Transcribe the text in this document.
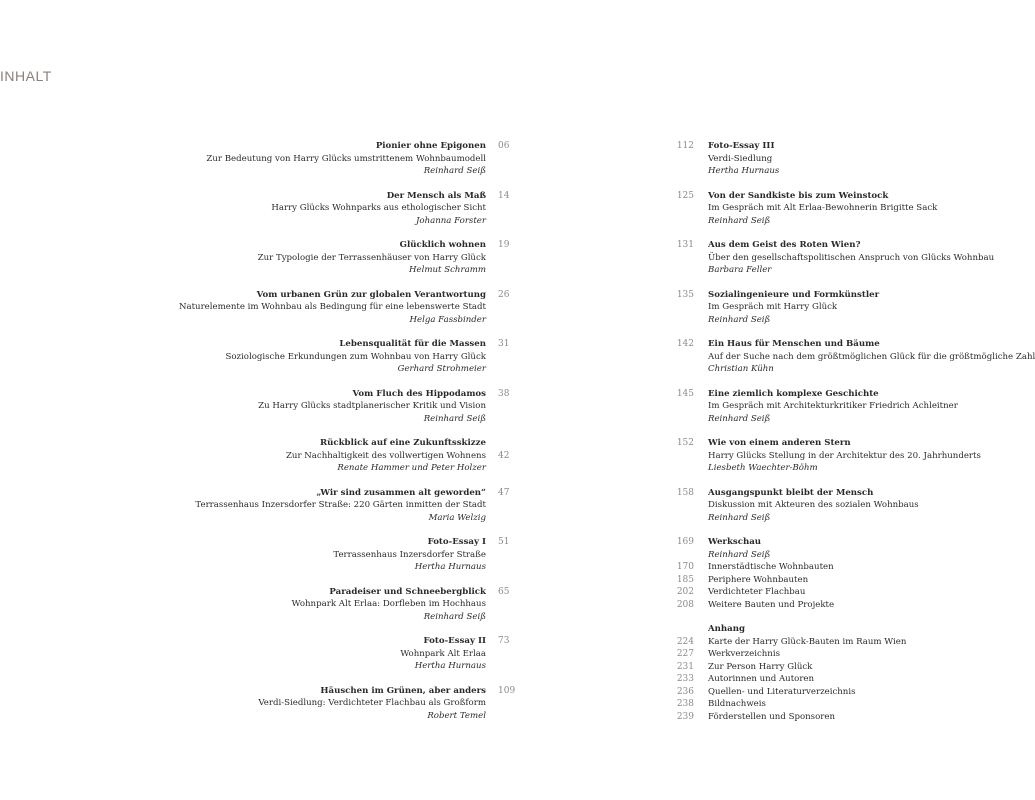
INHALT
Pionier ohne Epigonen
Zur Bedeutung von Harry Glücks umstrittenem Wohnbaumodell
Reinhard Seiß
06
Der Mensch als Maß
Harry Glücks Wohnparks aus ethologischer Sicht
Johanna Forster
14
Glücklich wohnen
Zur Typologie der Terrassenhäuser von Harry Glück
Helmut Schramm
19
Vom urbanen Grün zur globalen Verantwortung
Naturelemente im Wohnbau als Bedingung für eine lebenswerte Stadt
Helga Fassbinder
26
Lebensqualität für die Massen
Soziologische Erkundungen zum Wohnbau von Harry Glück
Gerhard Strohmeier
31
Vom Fluch des Hippodamos
Zu Harry Glücks stadtplanerischer Kritik und Vision
Reinhard Seiß
38
Rückblick auf eine Zukunftsskizze
Zur Nachhaltigkeit des vollwertigen Wohnens
Renate Hammer und Peter Holzer
42
„Wir sind zusammen alt geworden“
Terrassenhaus Inzersdorfer Straße: 220 Gärten inmitten der Stadt
Maria Welzig
47
Foto-Essay I
Terrassenhaus Inzersdorfer Straße
Hertha Hurnaus
51
Paradeiser und Schneebergblick
Wohnpark Alt Erlaa: Dorfleben im Hochhaus
Reinhard Seiß
65
Foto-Essay II
Wohnpark Alt Erlaa
Hertha Hurnaus
73
Häuschen im Grünen, aber anders
Verdi-Siedlung: Verdichteter Flachbau als Großform
Robert Temel
109
112 Foto-Essay III
Verdi-Siedlung
Hertha Hurnaus
125 Von der Sandkiste bis zum Weinstock
Im Gespräch mit Alt Erlaa-Bewohnerin Brigitte Sack
Reinhard Seiß
131 Aus dem Geist des Roten Wien?
Über den gesellschaftspolitischen Anspruch von Glücks Wohnbau
Barbara Feller
135 Sozialingenieure und Formkünstler
Im Gespräch mit Harry Glück
Reinhard Seiß
142 Ein Haus für Menschen und Bäume
Auf der Suche nach dem größtmöglichen Glück für die größtmögliche Zahl
Christian Kühn
145 Eine ziemlich komplexe Geschichte
Im Gespräch mit Architekturkritiker Friedrich Achleitner
Reinhard Seiß
152 Wie von einem anderen Stern
Harry Glücks Stellung in der Architektur des 20. Jahrhunderts
Liesbeth Waechter-Böhm
158 Ausgangspunkt bleibt der Mensch
Diskussion mit Akteuren des sozialen Wohnbaus
Reinhard Seiß
169 Werkschau
Reinhard Seiß
170 Innerstädtische Wohnbauten
185 Periphere Wohnbauten
202 Verdichteter Flachbau
208 Weitere Bauten und Projekte
Anhang
224 Karte der Harry Glück-Bauten im Raum Wien
227 Werkverzeichnis
231 Zur Person Harry Glück
233 Autorinnen und Autoren
236 Quellen- und Literaturverzeichnis
238 Bildnachweis
239 Förderstellen und Sponsoren
